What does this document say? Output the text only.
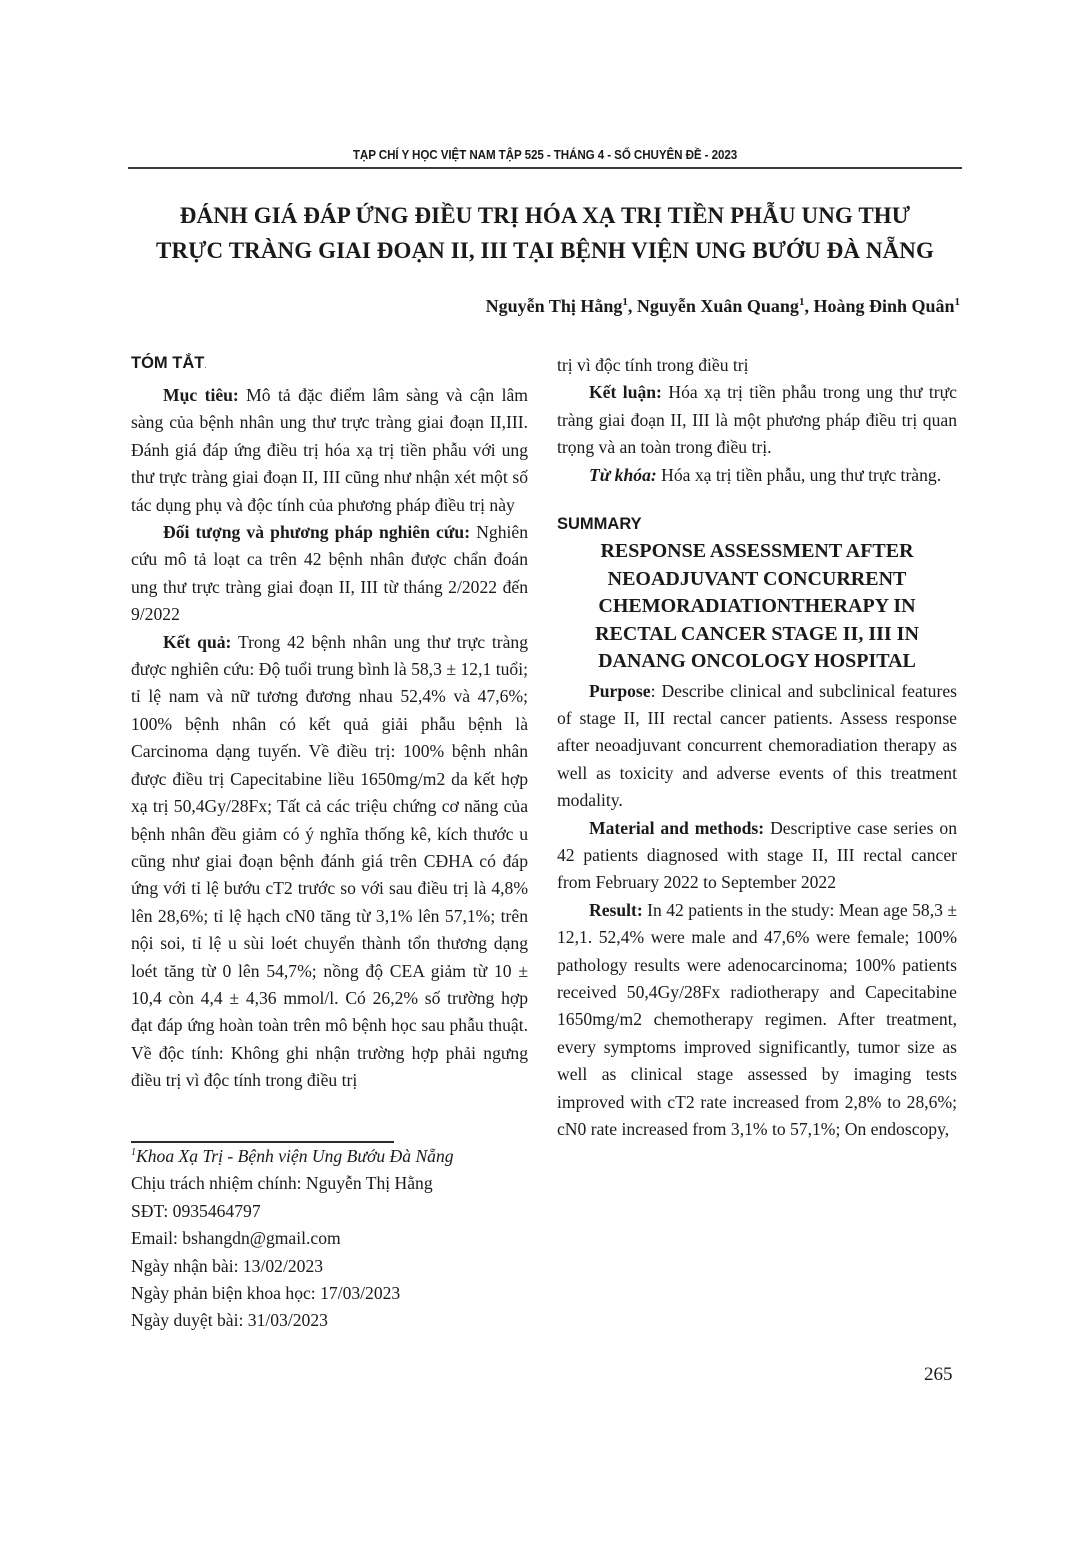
TẠP CHÍ Y HỌC VIỆT NAM TẬP 525 - THÁNG 4 - SỐ CHUYÊN ĐỀ - 2023
ĐÁNH GIÁ ĐÁP ỨNG ĐIỀU TRỊ HÓA XẠ TRỊ TIỀN PHẪU UNG THƯ
TRỰC TRÀNG GIAI ĐOẠN II, III TẠI BỆNH VIỆN UNG BƯỚU ĐÀ NẴNG
Nguyễn Thị Hằng$^1$, Nguyễn Xuân Quang$^1$, Hoàng Đinh Quân$^1$
TÓM TẮT.

Mục tiêu: Mô tả đặc điểm lâm sàng và cận lâm sàng của bệnh nhân ung thư trực tràng giai đoạn II,III. Đánh giá đáp ứng điều trị hóa xạ trị tiền phẫu với ung thư trực tràng giai đoạn II, III cũng như nhận xét một số tác dụng phụ và độc tính của phương pháp điều trị này

Đối tượng và phương pháp nghiên cứu: Nghiên cứu mô tả loạt ca trên 42 bệnh nhân được chẩn đoán ung thư trực tràng giai đoạn II, III từ tháng 2/2022 đến 9/2022

Kết quả: Trong 42 bệnh nhân ung thư trực tràng được nghiên cứu: Độ tuổi trung bình là 58,3 ± 12,1 tuổi; tỉ lệ nam và nữ tương đương nhau 52,4% và 47,6%; 100% bệnh nhân có kết quả giải phẫu bệnh là Carcinoma dạng tuyến. Về điều trị: 100% bệnh nhân được điều trị Capecitabine liều 1650mg/m2 da kết hợp xạ trị 50,4Gy/28Fx; Tất cả các triệu chứng cơ năng của bệnh nhân đều giảm có ý nghĩa thống kê, kích thước u cũng như giai đoạn bệnh đánh giá trên CĐHA có đáp ứng với tỉ lệ bướu cT2 trước so với sau điều trị là 4,8% lên 28,6%; tỉ lệ hạch cN0 tăng từ 3,1% lên 57,1%; trên nội soi, tỉ lệ u sùi loét chuyển thành tổn thương dạng loét tăng từ 0 lên 54,7%; nồng độ CEA giảm từ 10 ± 10,4 còn 4,4 ± 4,36 mmol/l. Có 26,2% số trường hợp đạt đáp ứng hoàn toàn trên mô bệnh học sau phẫu thuật. Về độc tính: Không ghi nhận trường hợp phải ngưng điều trị vì độc tính trong điều trị

$^1$Khoa Xạ Trị - Bệnh viện Ung Bướu Đà Nẵng
Chịu trách nhiệm chính: Nguyễn Thị Hằng
SĐT: 0935464797
Email: bshangdn@gmail.com
Ngày nhận bài: 13/02/2023
Ngày phản biện khoa học: 17/03/2023
Ngày duyệt bài: 31/03/2023

trị vì độc tính trong điều trị

Kết luận: Hóa xạ trị tiền phẫu trong ung thư trực tràng giai đoạn II, III là một phương pháp điều trị quan trọng và an toàn trong điều trị.

Từ khóa: Hóa xạ trị tiền phẫu, ung thư trực tràng.

SUMMARY
RESPONSE ASSESSMENT AFTER
NEOADJUVANT CONCURRENT
CHEMORADIATIONTHERAPY IN
RECTAL CANCER STAGE II, III IN
DANANG ONCOLOGY HOSPITAL

Purpose: Describe clinical and subclinical features of stage II, III rectal cancer patients. Assess response after neoadjuvant concurrent chemoradiation therapy as well as toxicity and adverse events of this treatment modality.

Material and methods: Descriptive case series on 42 patients diagnosed with stage II, III rectal cancer from February 2022 to September 2022

Result: In 42 patients in the study: Mean age 58,3 ± 12,1. 52,4% were male and 47,6% were female; 100% pathology results were adenocarcinoma; 100% patients received 50,4Gy/28Fx radiotherapy and Capecitabine 1650mg/m2 chemotherapy regimen. After treatment, every symptoms improved significantly, tumor size as well as clinical stage assessed by imaging tests improved with cT2 rate increased from 2,8% to 28,6%; cN0 rate increased from 3,1% to 57,1%; On endoscopy,

265
